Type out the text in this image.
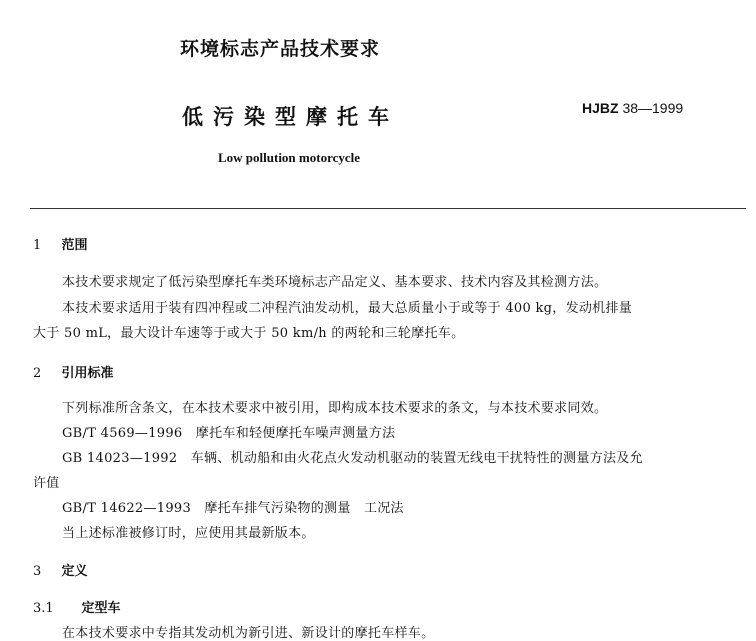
环境标志产品技术要求
低污染型摩托车	HJBZ 38—1999
Low pollution motorcycle
1 范围
本技术要求规定了低污染型摩托车类环境标志产品定义、基本要求、技术内容及其检测方法。
本技术要求适用于装有四冲程或二冲程汽油发动机，最大总质量小于或等于 400 kg，发动机排量
大于 50 mL，最大设计车速等于或大于 50 km/h 的两轮和三轮摩托车。
2 引用标准
下列标准所含条文，在本技术要求中被引用，即构成本技术要求的条文，与本技术要求同效。
GB/T 4569—1996　摩托车和轻便摩托车噪声测量方法
GB 14023—1992　车辆、机动船和由火花点火发动机驱动的装置无线电干扰特性的测量方法及允
许值
GB/T 14622—1993　摩托车排气污染物的测量　工况法
当上述标准被修订时，应使用其最新版本。
3 定义
3.1 定型车
在本技术要求中专指其发动机为新引进、新设计的摩托车样车。
